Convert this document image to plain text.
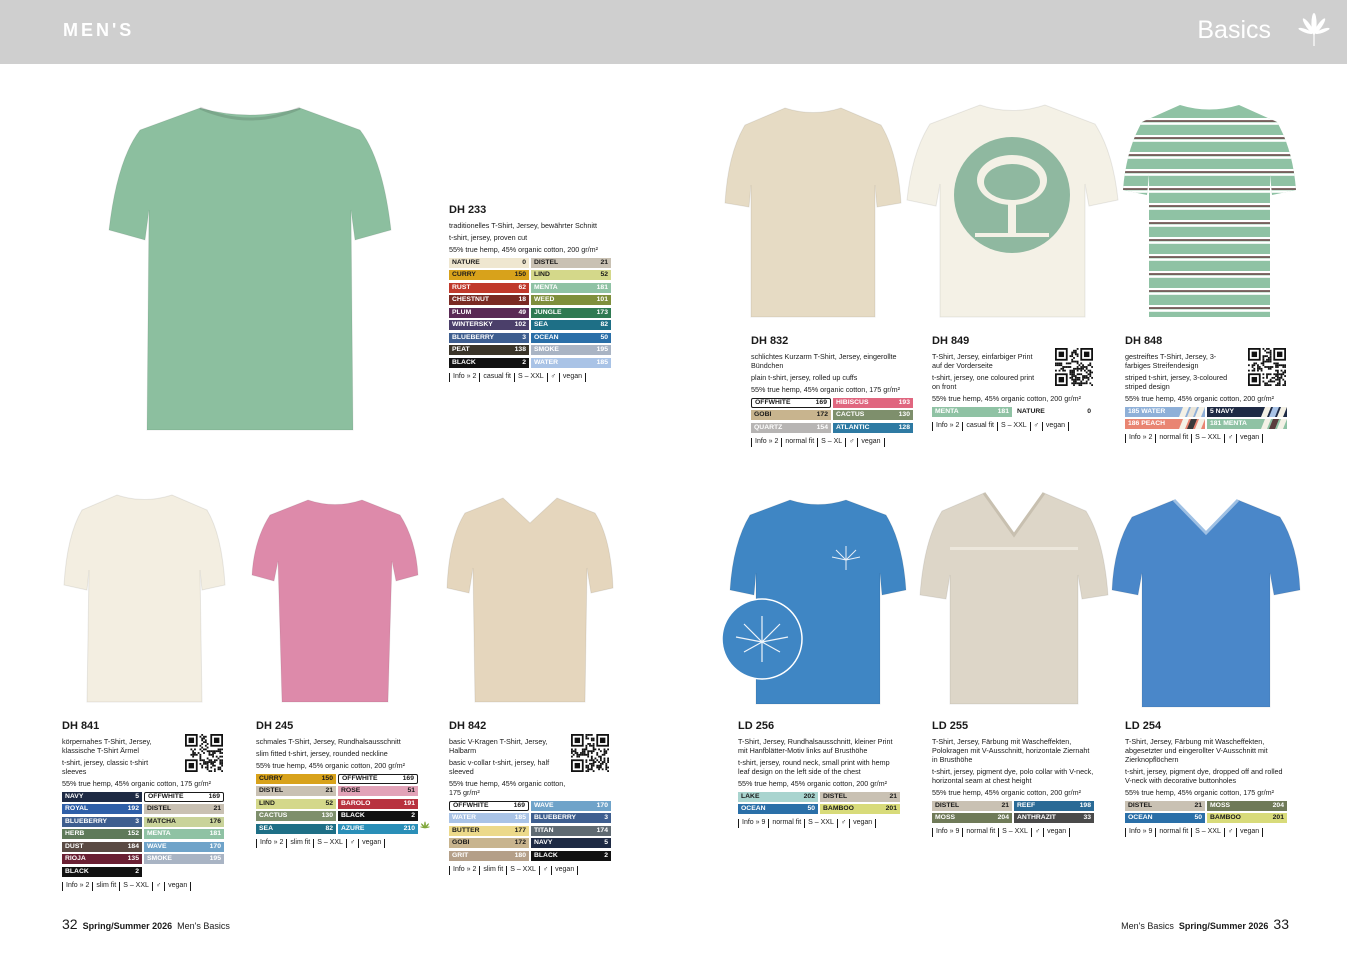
MEN'S	Basics
DH 233
traditionelles T-Shirt, Jersey, bewährter Schnitt
t-shirt, jersey, proven cut
55% true hemp, 45% organic cotton, 200 gr/m²
NATURE	0 DISTEL	21
CURRY	150 LIND	52
RUST	62 MENTA	181
CHESTNUT	18 WEED	101
PLUM	49 JUNGLE	173
WINTERSKY	102 SEA	82
BLUEBERRY	3 OCEAN	50
PEAT	138 SMOKE	195
BLACK	2 WATER	185
Info » 2	casual fit	S – XXL	♂	vegan
DH 841
körpernahes T-Shirt, Jersey, klassische T-Shirt Ärmel
t-shirt, jersey, classic t-shirt sleeves
55% true hemp, 45% organic cotton, 175 gr/m²
NAVY	5 OFFWHITE	169
ROYAL	192 DISTEL	21
BLUEBERRY	3 MATCHA	176
HERB	152 MENTA	181
DUST	184 WAVE	170
RIOJA	135 SMOKE	195
BLACK	2
Info » 2	slim fit	S – XXL	♂	vegan
DH 245
schmales T-Shirt, Jersey, Rundhalsausschnitt
slim fitted t-shirt, jersey, rounded neckline
55% true hemp, 45% organic cotton, 200 gr/m²
CURRY	150 OFFWHITE	169
DISTEL	21 ROSE	51
LIND	52 BAROLO	191
CACTUS	130 BLACK	2
SEA	82 AZURE	210
Info » 2	slim fit	S – XXL	♂	vegan
DH 842
basic V-Kragen T-Shirt, Jersey, Halbarm
basic v-collar t-shirt, jersey, half sleeved
55% true hemp, 45% organic cotton, 175 gr/m²
OFFWHITE	169 WAVE	170
WATER	185 BLUEBERRY	3
BUTTER	177 TITAN	174
GOBI	172 NAVY	5
GRIT	180 BLACK	2
Info » 2	slim fit	S – XXL	♂	vegan
DH 832
schlichtes Kurzarm T-Shirt, Jersey, eingerollte Bündchen
plain t-shirt, jersey, rolled up cuffs
55% true hemp, 45% organic cotton, 175 gr/m²
OFFWHITE	169 HIBISCUS	193
GOBI	172 CACTUS	130
QUARTZ	154 ATLANTIC	128
Info » 2	normal fit	S – XL	♂	vegan
DH 849
T-Shirt, Jersey, einfarbiger Print auf der Vorderseite
t-shirt, jersey, one coloured print on front
55% true hemp, 45% organic cotton, 200 gr/m²
MENTA	181 NATURE	0
Info » 2	casual fit	S – XXL	♂	vegan
DH 848
gestreiftes T-Shirt, Jersey, 3-farbiges Streifendesign
striped t-shirt, jersey, 3-coloured striped design
55% true hemp, 45% organic cotton, 200 gr/m²
185 WATER	5 NAVY
186 PEACH	181 MENTA
Info » 2	normal fit	S – XXL	♂	vegan
LD 256
T-Shirt, Jersey, Rundhalsausschnitt, kleiner Print mit Hanfblätter-Motiv links auf Brusthöhe
t-shirt, jersey, round neck, small print with hemp leaf design on the left side of the chest
55% true hemp, 45% organic cotton, 200 gr/m²
LAKE	202 DISTEL	21
OCEAN	50 BAMBOO	201
Info » 9	normal fit	S – XXL	♂	vegan
LD 255
T-Shirt, Jersey, Färbung mit Wascheffekten, Polokragen mit V-Ausschnitt, horizontale Ziernaht in Brusthöhe
t-shirt, jersey, pigment dye, polo collar with V-neck, horizontal seam at chest height
55% true hemp, 45% organic cotton, 200 gr/m²
DISTEL	21 REEF	198
MOSS	204 ANTHRAZIT	33
Info » 9	normal fit	S – XXL	♂	vegan
LD 254
T-Shirt, Jersey, Färbung mit Wascheffekten, abgesetzter und eingerollter V-Ausschnitt mit Zierknopflöchern
t-shirt, jersey, pigment dye, dropped off and rolled V-neck with decorative buttonholes
55% true hemp, 45% organic cotton, 175 gr/m²
DISTEL	21 MOSS	204
OCEAN	50 BAMBOO	201
Info » 9	normal fit	S – XXL	♂	vegan
32 Spring/Summer 2026 Men's Basics	Men's Basics Spring/Summer 2026 33
